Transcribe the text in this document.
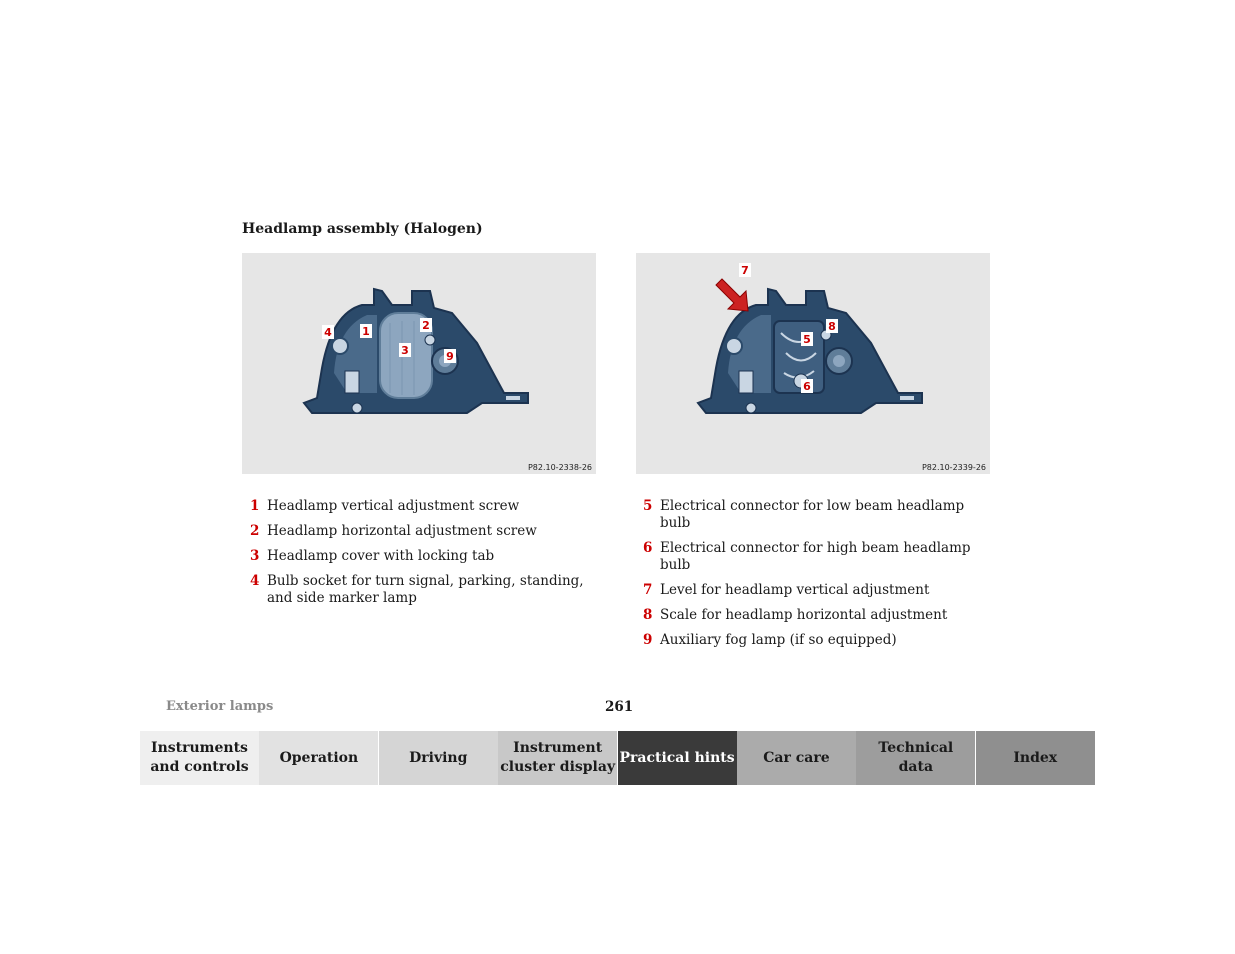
Headlamp assembly (Halogen)
4	1	2
3	9
P82.10-2338-26
7
8
5
6
P82.10-2339-26
1 Headlamp vertical adjustment screw
2 Headlamp horizontal adjustment screw
3 Headlamp cover with locking tab
4 Bulb socket for turn signal, parking, standing, and side marker lamp
5 Electrical connector for low beam headlamp bulb
6 Electrical connector for high beam headlamp bulb
7 Level for headlamp vertical adjustment
8 Scale for headlamp horizontal adjustment
9 Auxiliary fog lamp (if so equipped)
Exterior lamps	261
Instruments
and controls
Operation	Driving
Instrument
cluster display
Practical hints Car care
Technical
data
Index
